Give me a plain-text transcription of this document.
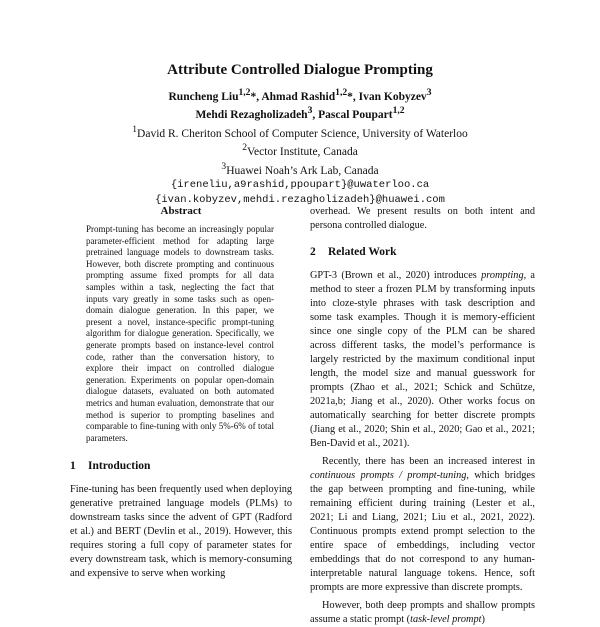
Attribute Controlled Dialogue Prompting

Runcheng Liu$^{1,2}$*, Ahmad Rashid$^{1,2}$*, Ivan Kobyzev$^3$

Mehdi Rezagholizadeh$^3$, Pascal Poupart$^{1,2}$

$^1$David R. Cheriton School of Computer Science, University of Waterloo

$^2$Vector Institute, Canada

$^3$Huawei Noah’s Ark Lab, Canada

{ireneliu,a9rashid,ppoupart}@uwaterloo.ca

{ivan.kobyzev,mehdi.rezagholizadeh}@huawei.com

Abstract

Prompt-tuning has become an increasingly popular parameter-efficient method for adapting large pretrained language models to downstream tasks. However, both discrete prompting and continuous prompting assume fixed prompts for all data samples within a task, neglecting the fact that inputs vary greatly in some tasks such as open-domain dialogue generation. In this paper, we present a novel, instance-specific prompt-tuning algorithm for dialogue generation. Specifically, we generate prompts based on instance-level control code, rather than the conversation history, to explore their impact on controlled dialogue generation. Experiments on popular open-domain dialogue datasets, evaluated on both automated metrics and human evaluation, demonstrate that our method is superior to prompting baselines and comparable to fine-tuning with only 5%-6% of total parameters.

1 Introduction

Fine-tuning has been frequently used when deploying generative pretrained language models (PLMs) to downstream tasks since the advent of GPT (Radford et al.) and BERT (Devlin et al., 2019). However, this requires storing a full copy of parameter states for every downstream task, which is memory-consuming and expensive to serve when working

overhead. We present results on both intent and persona controlled dialogue.

2 Related Work

GPT-3 (Brown et al., 2020) introduces prompting, a method to steer a frozen PLM by transforming inputs into cloze-style phrases with task description and some task examples. Though it is memory-efficient since one single copy of the PLM can be shared across different tasks, the model’s performance is largely restricted by the maximum conditional input length, the model size and manual guesswork for prompts (Zhao et al., 2021; Schick and Schütze, 2021a,b; Jiang et al., 2020). Other works focus on automatically searching for better discrete prompts (Jiang et al., 2020; Shin et al., 2020; Gao et al., 2021; Ben-David et al., 2021).

Recently, there has been an increased interest in continuous prompts / prompt-tuning, which bridges the gap between prompting and fine-tuning, while remaining efficient during training (Lester et al., 2021; Li and Liang, 2021; Liu et al., 2021, 2022). Continuous prompts extend prompt selection to the entire space of embeddings, including vector embeddings that do not correspond to any human-interpretable natural language tokens. Hence, soft prompts are more expressive than discrete prompts.

However, both deep prompts and shallow prompts assume a static prompt (task-level prompt)
